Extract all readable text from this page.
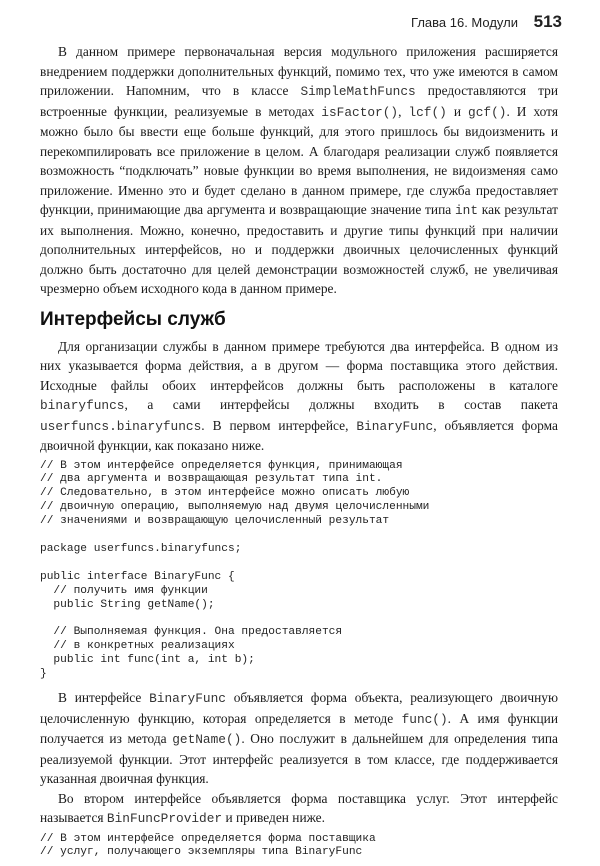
Глава 16. Модули 513

В данном примере первоначальная версия модульного приложения расширяется внедрением поддержки дополнительных функций, помимо тех, что уже имеются в самом приложении. Напомним, что в классе SimpleMathFuncs предоставляются три встроенные функции, реализуемые в методах isFactor(), lcf() и gcf(). И хотя можно было бы ввести еще больше функций, для этого пришлось бы видоизменить и перекомпилировать все приложение в целом. А благодаря реализации служб появляется возможность “подключать” новые функции во время выполнения, не видоизменяя само приложение. Именно это и будет сделано в данном примере, где служба предоставляет функции, принимающие два аргумента и возвращающие значение типа int как результат их выполнения. Можно, конечно, предоставить и другие типы функций при наличии дополнительных интерфейсов, но и поддержки двоичных целочисленных функций должно быть достаточно для целей демонстрации возможностей служб, не увеличивая чрезмерно объем исходного кода в данном примере.

Интерфейсы служб

Для организации службы в данном примере требуются два интерфейса. В одном из них указывается форма действия, а в другом — форма поставщика этого действия. Исходные файлы обоих интерфейсов должны быть расположены в каталоге binaryfuncs, а сами интерфейсы должны входить в состав пакета userfuncs.binaryfuncs. В первом интерфейсе, BinaryFunc, объявляется форма двоичной функции, как показано ниже.

// В этом интерфейсе определяется функция, принимающая
// два аргумента и возвращающая результат типа int.
// Следовательно, в этом интерфейсе можно описать любую
// двоичную операцию, выполняемую над двумя целочисленными
// значениями и возвращающую целочисленный результат

package userfuncs.binaryfuncs;

public interface BinaryFunc {
// получить имя функции
public String getName();

// Выполняемая функция. Она предоставляется
// в конкретных реализациях
public int func(int a, int b);
}

В интерфейсе BinaryFunc объявляется форма объекта, реализующего двоичную целочисленную функцию, которая определяется в методе func(). А имя функции получается из метода getName(). Оно послужит в дальнейшем для определения типа реализуемой функции. Этот интерфейс реализуется в том классе, где поддерживается указанная двоичная функция.

Во втором интерфейсе объявляется форма поставщика услуг. Этот интерфейс называется BinFuncProvider и приведен ниже.

// В этом интерфейсе определяется форма поставщика
// услуг, получающего экземпляры типа BinaryFunc
